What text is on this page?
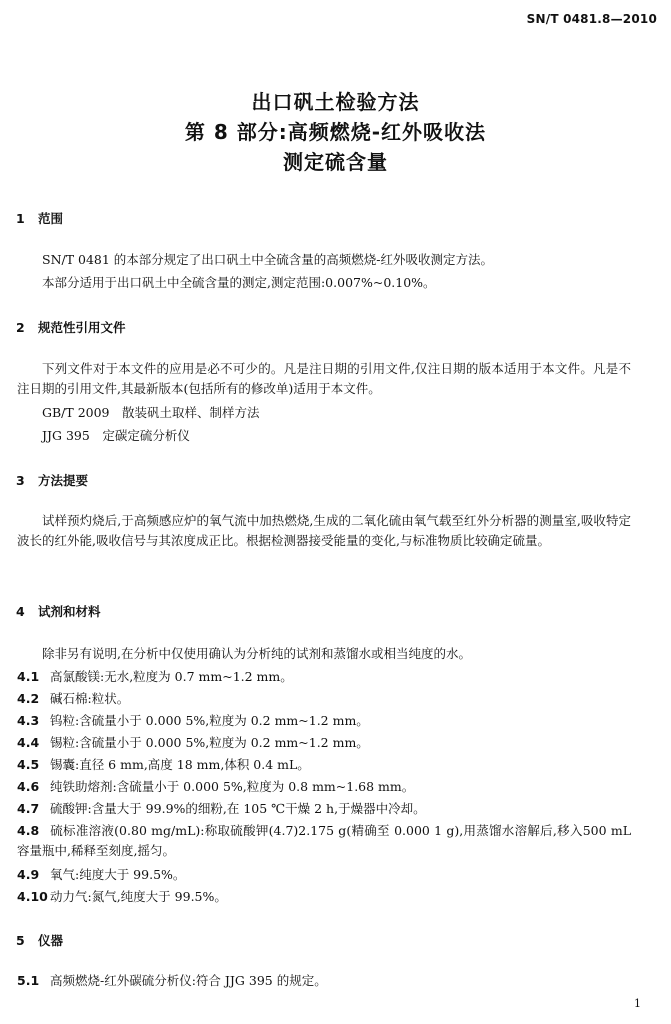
SN/T 0481.8—2010
出口矾土检验方法
第 8 部分:高频燃烧-红外吸收法
测定硫含量
1 范围
SN/T 0481 的本部分规定了出口矾土中全硫含量的高频燃烧-红外吸收测定方法。
本部分适用于出口矾土中全硫含量的测定,测定范围:0.007%~0.10%。
2 规范性引用文件
下列文件对于本文件的应用是必不可少的。凡是注日期的引用文件,仅注日期的版本适用于本文件。凡是不注日期的引用文件,其最新版本(包括所有的修改单)适用于本文件。
GB/T 2009　散装矾土取样、制样方法
JJG 395　定碳定硫分析仪
3 方法提要
试样预灼烧后,于高频感应炉的氧气流中加热燃烧,生成的二氧化硫由氧气载至红外分析器的测量室,吸收特定波长的红外能,吸收信号与其浓度成正比。根据检测器接受能量的变化,与标准物质比较确定硫量。
4 试剂和材料
除非另有说明,在分析中仅使用确认为分析纯的试剂和蒸馏水或相当纯度的水。
4.1 高氯酸镁:无水,粒度为 0.7 mm~1.2 mm。
4.2 碱石棉:粒状。
4.3 钨粒:含硫量小于 0.000 5%,粒度为 0.2 mm~1.2 mm。
4.4 锡粒:含硫量小于 0.000 5%,粒度为 0.2 mm~1.2 mm。
4.5 锡囊:直径 6 mm,高度 18 mm,体积 0.4 mL。
4.6 纯铁助熔剂:含硫量小于 0.000 5%,粒度为 0.8 mm~1.68 mm。
4.7 硫酸钾:含量大于 99.9%的细粉,在 105 ℃干燥 2 h,于燥器中冷却。
4.8 硫标准溶液(0.80 mg/mL):称取硫酸钾(4.7)2.175 g(精确至 0.000 1 g),用蒸馏水溶解后,移入500 mL 容量瓶中,稀释至刻度,摇匀。
4.9 氧气:纯度大于 99.5%。
4.10 动力气:氮气,纯度大于 99.5%。
5 仪器
5.1 高频燃烧-红外碳硫分析仪:符合 JJG 395 的规定。
1
